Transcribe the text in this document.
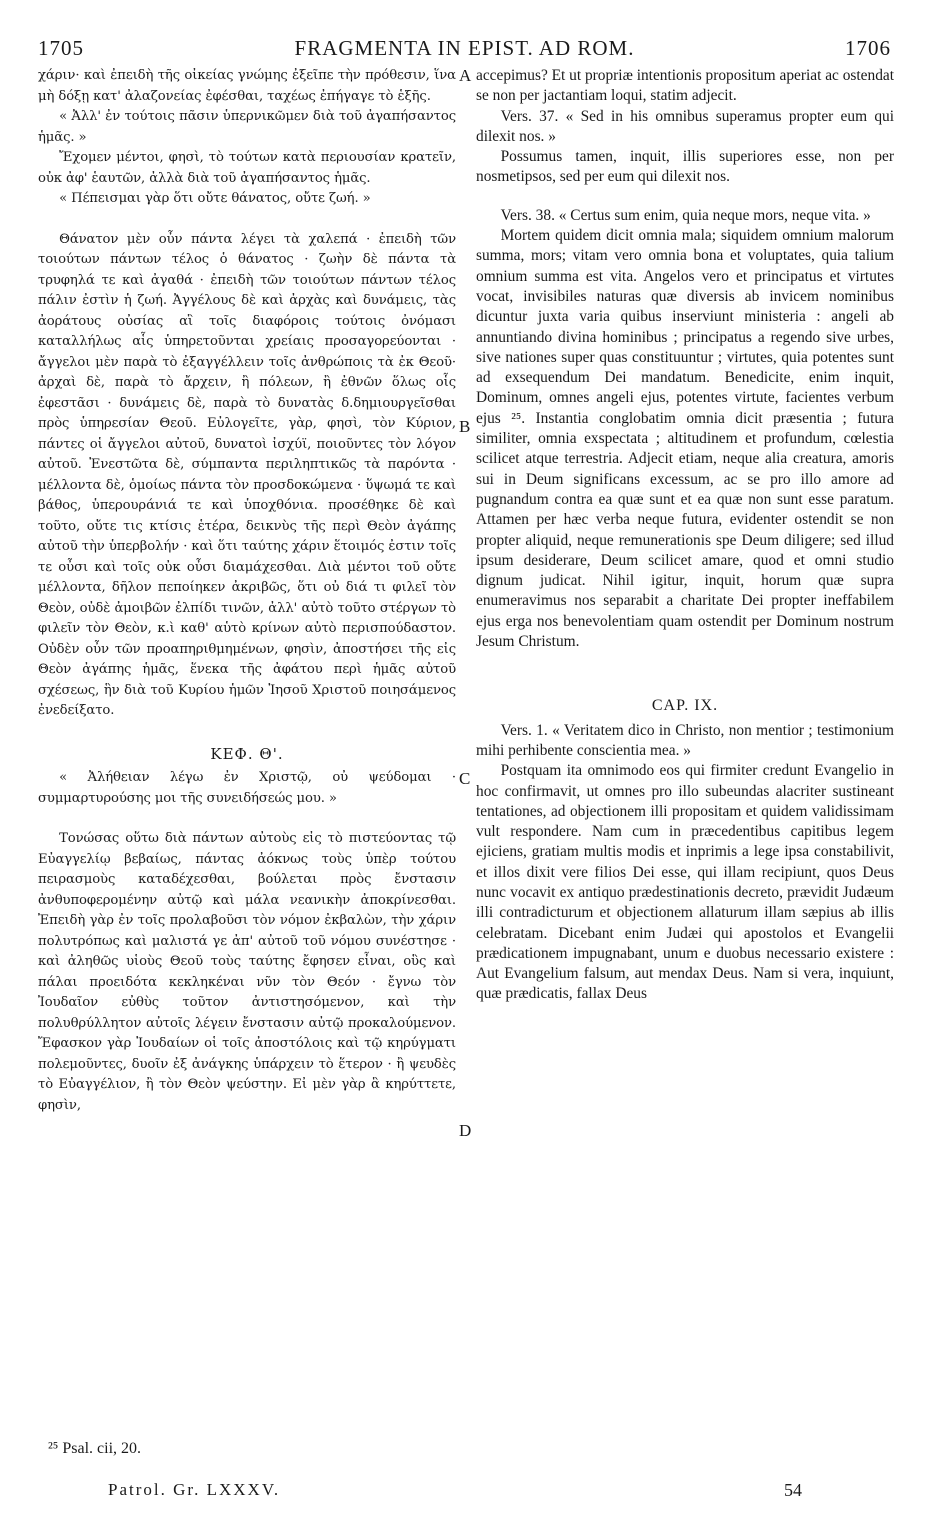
1705	FRAGMENTA IN EPIST. AD ROM.	1706

χάριν· καὶ ἐπειδὴ τῆς οἰκείας γνώμης ἐξεῖπε τὴν πρόθεσιν, ἵνα μὴ δόξῃ κατ' ἀλαζονείας ἐφέσθαι, ταχέως ἐπήγαγε τὸ ἑξῆς.

« Ἀλλ' ἐν τούτοις πᾶσιν ὑπερνικῶμεν διὰ τοῦ ἀγαπήσαντος ἡμᾶς. »

Ἔχομεν μέντοι, φησὶ, τὸ τούτων κατὰ περιουσίαν κρατεῖν, οὐκ ἀφ' ἑαυτῶν, ἀλλὰ διὰ τοῦ ἀγαπήσαντος ἡμᾶς.

« Πέπεισμαι γὰρ ὅτι οὔτε θάνατος, οὔτε ζωή. »

Θάνατον μὲν οὖν πάντα λέγει τὰ χαλεπά · ἐπειδὴ τῶν τοιούτων πάντων τέλος ὁ θάνατος · ζωὴν δὲ πάντα τὰ τρυφηλά τε καὶ ἀγαθά · ἐπειδὴ τῶν τοιούτων πάντων τέλος πάλιν ἐστὶν ἡ ζωή. Ἀγγέλους δὲ καὶ ἀρχὰς καὶ δυνάμεις, τὰς ἀοράτους οὐσίας αἳ τοῖς διαφόροις τούτοις ὀνόμασι καταλλήλως αἷς ὑπηρετοῦνται χρείαις προσαγορεύονται · ἄγγελοι μὲν παρὰ τὸ ἐξαγγέλλειν τοῖς ἀνθρώποις τὰ ἐκ Θεοῦ· ἀρχαὶ δὲ, παρὰ τὸ ἄρχειν, ἢ πόλεων, ἢ ἐθνῶν ὅλως οἷς ἐφεστᾶσι · δυνάμεις δὲ, παρὰ τὸ δυνατὰς δ.δημιουργεῖσθαι πρὸς ὑπηρεσίαν Θεοῦ. Εὐλογεῖτε, γὰρ, φησὶ, τὸν Κύριον, πάντες οἱ ἄγγελοι αὐτοῦ, δυνατοὶ ἰσχύϊ, ποιοῦντες τὸν λόγον αὐτοῦ. Ἐνεστῶτα δὲ, σύμπαντα περιληπτικῶς τὰ παρόντα · μέλλοντα δὲ, ὁμοίως πάντα τὸν προσδοκώμενα · ὕψωμά τε καὶ βάθος, ὑπερουράνιά τε καὶ ὑποχθόνια. προσέθηκε δὲ καὶ τοῦτο, οὔτε τις κτίσις ἑτέρα, δεικνὺς τῆς περὶ Θεὸν ἀγάπης αὐτοῦ τὴν ὑπερβολήν · καὶ ὅτι ταύτης χάριν ἕτοιμός ἐστιν τοῖς τε οὖσι καὶ τοῖς οὐκ οὖσι διαμάχεσθαι. Διὰ μέντοι τοῦ οὔτε μέλλοντα, δῆλον πεποίηκεν ἀκριβῶς, ὅτι οὐ διά τι φιλεῖ τὸν Θεὸν, οὐδὲ ἀμοιβῶν ἐλπίδι τινῶν, ἀλλ' αὐτὸ τοῦτο στέργων τὸ φιλεῖν τὸν Θεὸν, κ.ὶ καθ' αὑτὸ κρίνων αὐτὸ περισπούδαστον. Οὐδὲν οὖν τῶν προαπηριθμημένων, φησὶν, ἀποστήσει τῆς εἰς Θεὸν ἀγάπης ἡμᾶς, ἕνεκα τῆς ἀφάτου περὶ ἡμᾶς αὐτοῦ σχέσεως, ἣν διὰ τοῦ Κυρίου ἡμῶν Ἰησοῦ Χριστοῦ ποιησάμενος ἐνεδείξατο.

ΚΕΦ. Θ'.

« Ἀλήθειαν λέγω ἐν Χριστῷ, οὐ ψεύδομαι · συμμαρτυρούσης μοι τῆς συνειδήσεώς μου. »

Τονώσας οὕτω διὰ πάντων αὐτοὺς εἰς τὸ πιστεύοντας τῷ Εὐαγγελίῳ βεβαίως, πάντας ἀόκνως τοὺς ὑπὲρ τούτου πειρασμοὺς καταδέχεσθαι, βούλεται πρὸς ἔνστασιν ἀνθυποφερομένην αὐτῷ καὶ μάλα νεανικὴν ἀποκρίνεσθαι. Ἐπειδὴ γὰρ ἐν τοῖς προλαβοῦσι τὸν νόμον ἐκβαλὼν, τὴν χάριν πολυτρόπως καὶ μαλιστά γε ἀπ' αὐτοῦ τοῦ νόμου συνέστησε · καὶ ἀληθῶς υἱοὺς Θεοῦ τοὺς ταύτης ἔφησεν εἶναι, οὓς καὶ πάλαι προειδότα κεκληκέναι νῦν τὸν Θεόν · ἔγνω τὸν Ἰουδαῖον εὐθὺς τοῦτον ἀντιστησόμενον, καὶ τὴν πολυθρύλλητον αὐτοῖς λέγειν ἔνστασιν αὐτῷ προκαλούμενον. Ἔφασκον γὰρ Ἰουδαίων οἱ τοῖς ἀποστόλοις καὶ τῷ κηρύγματι πολεμοῦντες, δυοῖν ἐξ ἀνάγκης ὑπάρχειν τὸ ἕτερον · ἢ ψευδὲς τὸ Εὐαγγέλιον, ἢ τὸν Θεὸν ψεύστην. Εἰ μὲν γὰρ ἃ κηρύττετε, φησὶν,

A
B
C
D

accepimus? Et ut propriæ intentionis propositum aperiat ac ostendat se non per jactantiam loqui, statim adjecit.

Vers. 37. « Sed in his omnibus superamus propter eum qui dilexit nos. »

Possumus tamen, inquit, illis superiores esse, non per nosmetipsos, sed per eum qui dilexit nos.

Vers. 38. « Certus sum enim, quia neque mors, neque vita. »

Mortem quidem dicit omnia mala; siquidem omnium malorum summa, mors; vitam vero omnia bona et voluptates, quia talium omnium summa est vita. Angelos vero et principatus et virtutes vocat, invisibiles naturas quæ diversis ab invicem nominibus dicuntur juxta varia quibus inserviunt ministeria : angeli ab annuntiando divina hominibus ; principatus a regendo sive urbes, sive nationes super quas constituuntur ; virtutes, quia potentes sunt ad exsequendum Dei mandatum. Benedicite, enim inquit, Dominum, omnes angeli ejus, potentes virtute, facientes verbum ejus ²⁵. Instantia conglobatim omnia dicit præsentia ; futura similiter, omnia exspectata ; altitudinem et profundum, cœlestia scilicet atque terrestria. Adjecit etiam, neque alia creatura, amoris sui in Deum significans excessum, ac se pro illo amore ad pugnandum contra ea quæ sunt et ea quæ non sunt esse paratum. Attamen per hæc verba neque futura, evidenter ostendit se non propter aliquid, neque remunerationis spe Deum diligere; sed illud ipsum desiderare, Deum scilicet amare, quod et omni studio dignum judicat. Nihil igitur, inquit, horum quæ supra enumeravimus nos separabit a charitate Dei propter ineffabilem ejus erga nos benevolentiam quam ostendit per Dominum nostrum Jesum Christum.

CAP. IX.

Vers. 1. « Veritatem dico in Christo, non mentior ; testimonium mihi perhibente conscientia mea. »

Postquam ita omnimodo eos qui firmiter credunt Evangelio in hoc confirmavit, ut omnes pro illo subeundas alacriter sustineant tentationes, ad objectionem illi propositam et quidem validissimam vult respondere. Nam cum in præcedentibus capitibus legem ejiciens, gratiam multis modis et inprimis a lege ipsa constabilivit, et illos dixit vere filios Dei esse, qui illam recipiunt, quos Deus nunc vocavit ex antiquo prædestinationis decreto, prævidit Judæum illi contradicturum et objectionem allaturum illam sæpius ab illis celebratam. Dicebant enim Judæi qui apostolos et Evangelii prædicationem impugnabant, unum e duobus necessario existere : Aut Evangelium falsum, aut mendax Deus. Nam si vera, inquiunt, quæ prædicatis, fallax Deus

²⁵ Psal. cii, 20.
Patrol. Gr. LXXXV.	54
